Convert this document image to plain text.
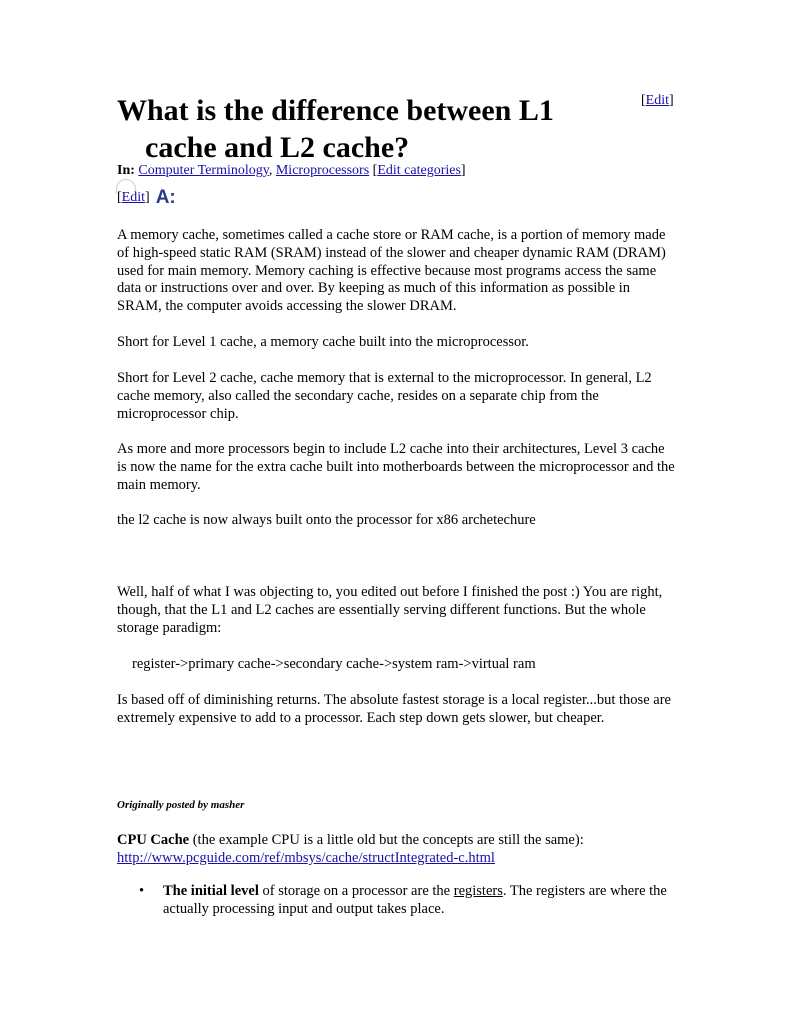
What is the difference between L1
cache and L2 cache?
[Edit]
In: Computer Terminology, Microprocessors [Edit categories]
[Edit] A:

A memory cache, sometimes called a cache store or RAM cache, is a portion of memory made of high-speed static RAM (SRAM) instead of the slower and cheaper dynamic RAM (DRAM) used for main memory. Memory caching is effective because most programs access the same data or instructions over and over. By keeping as much of this information as possible in SRAM, the computer avoids accessing the slower DRAM.

Short for Level 1 cache, a memory cache built into the microprocessor.

Short for Level 2 cache, cache memory that is external to the microprocessor. In general, L2 cache memory, also called the secondary cache, resides on a separate chip from the microprocessor chip.

As more and more processors begin to include L2 cache into their architectures, Level 3 cache is now the name for the extra cache built into motherboards between the microprocessor and the main memory.

the l2 cache is now always built onto the processor for x86 archetechure

Well, half of what I was objecting to, you edited out before I finished the post :) You are right, though, that the L1 and L2 caches are essentially serving different functions. But the whole storage paradigm:

register->primary cache->secondary cache->system ram->virtual ram

Is based off of diminishing returns. The absolute fastest storage is a local register...but those are extremely expensive to add to a processor. Each step down gets slower, but cheaper.

Originally posted by masher

CPU Cache (the example CPU is a little old but the concepts are still the same):
http://www.pcguide.com/ref/mbsys/cache/structIntegrated-c.html

• The initial level of storage on a processor are the registers. The registers are where the actually processing input and output takes place.
